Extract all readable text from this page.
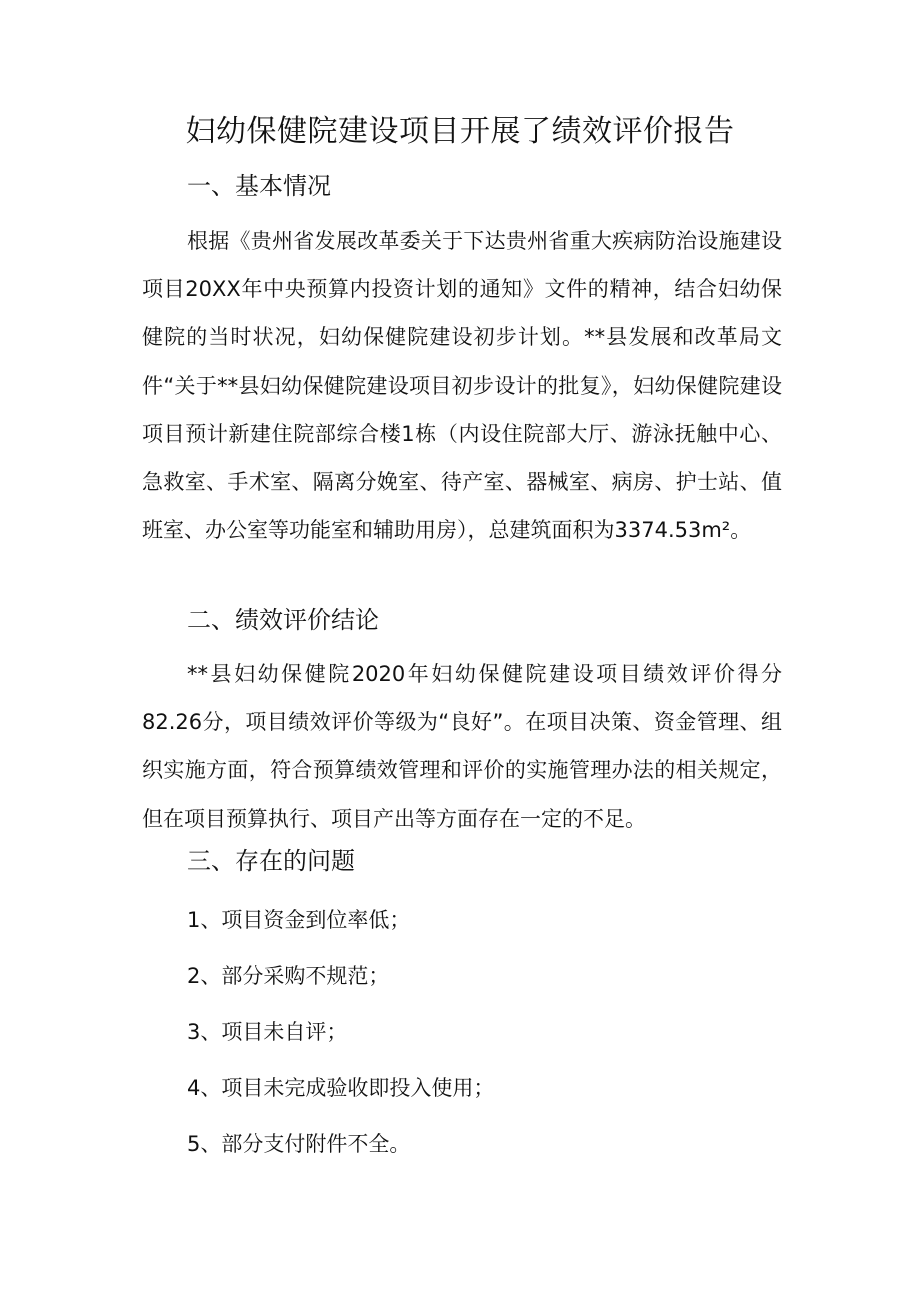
妇幼保健院建设项目开展了绩效评价报告
一、基本情况

根据《贵州省发展改革委关于下达贵州省重大疾病防治设施建设项目20XX年中央预算内投资计划的通知》文件的精神，结合妇幼保健院的当时状况，妇幼保健院建设初步计划。**县发展和改革局文件“关于**县妇幼保健院建设项目初步设计的批复》，妇幼保健院建设项目预计新建住院部综合楼1栋（内设住院部大厅、游泳抚触中心、急救室、手术室、隔离分娩室、待产室、器械室、病房、护士站、值班室、办公室等功能室和辅助用房），总建筑面积为3374.53m²。

二、绩效评价结论

**县妇幼保健院2020年妇幼保健院建设项目绩效评价得分82.26分，项目绩效评价等级为“良好”。在项目决策、资金管理、组织实施方面，符合预算绩效管理和评价的实施管理办法的相关规定，但在项目预算执行、项目产出等方面存在一定的不足。

三、存在的问题
1、项目资金到位率低；
2、部分采购不规范；
3、项目未自评；
4、项目未完成验收即投入使用；
5、部分支付附件不全。
